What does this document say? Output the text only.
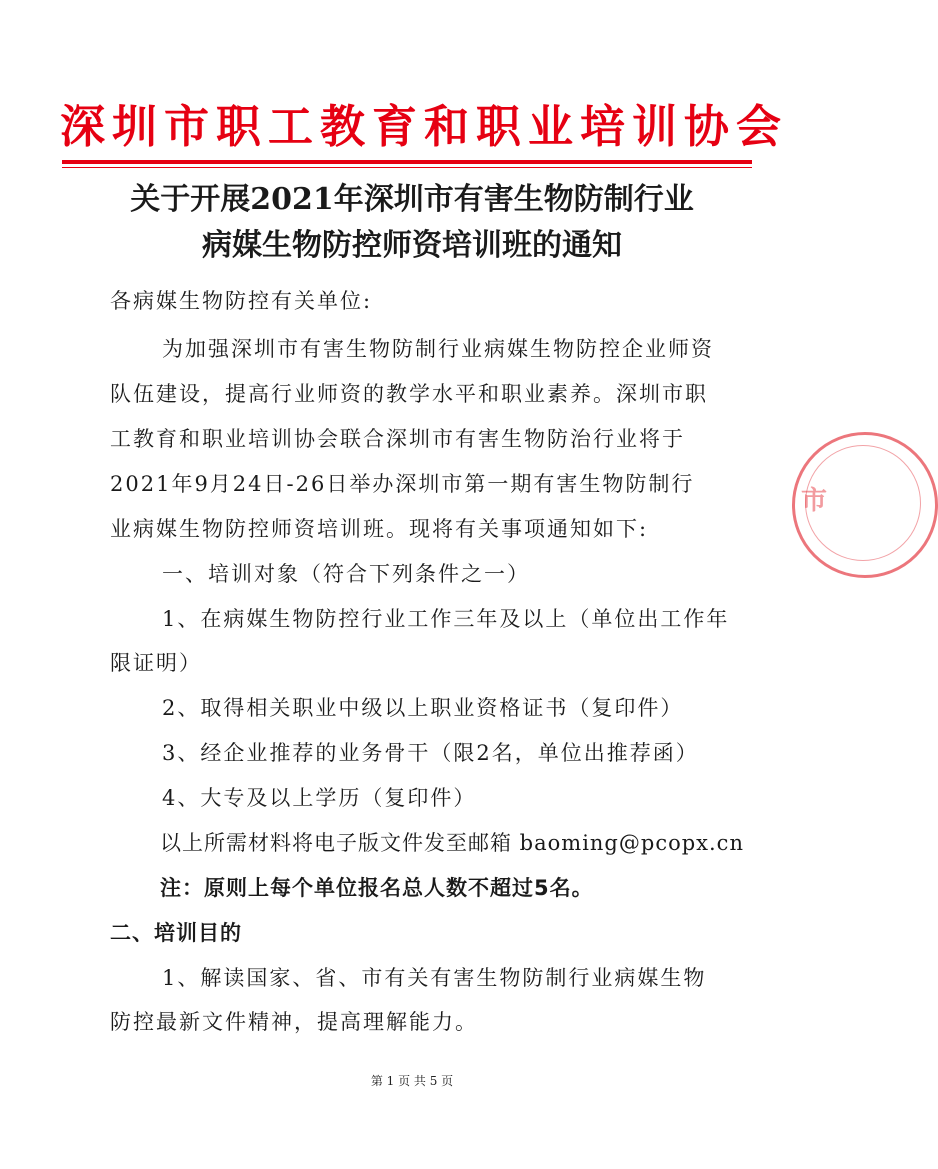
深圳市职工教育和职业培训协会
关于开展2021年深圳市有害生物防制行业
病媒生物防控师资培训班的通知
各病媒生物防控有关单位:
为加强深圳市有害生物防制行业病媒生物防控企业师资
队伍建设，提高行业师资的教学水平和职业素养。深圳市职
工教育和职业培训协会联合深圳市有害生物防治行业将于
2021年9月24日-26日举办深圳市第一期有害生物防制行
业病媒生物防控师资培训班。现将有关事项通知如下:
一、培训对象（符合下列条件之一）
1、在病媒生物防控行业工作三年及以上（单位出工作年
限证明）
2、取得相关职业中级以上职业资格证书（复印件）
3、经企业推荐的业务骨干（限2名，单位出推荐函）
4、大专及以上学历（复印件）
以上所需材料将电子版文件发至邮箱 baoming@pcopx.cn
注：原则上每个单位报名总人数不超过5名。
二、培训目的
1、解读国家、省、市有关有害生物防制行业病媒生物
防控最新文件精神，提高理解能力。
第 1 页 共 5 页
市
